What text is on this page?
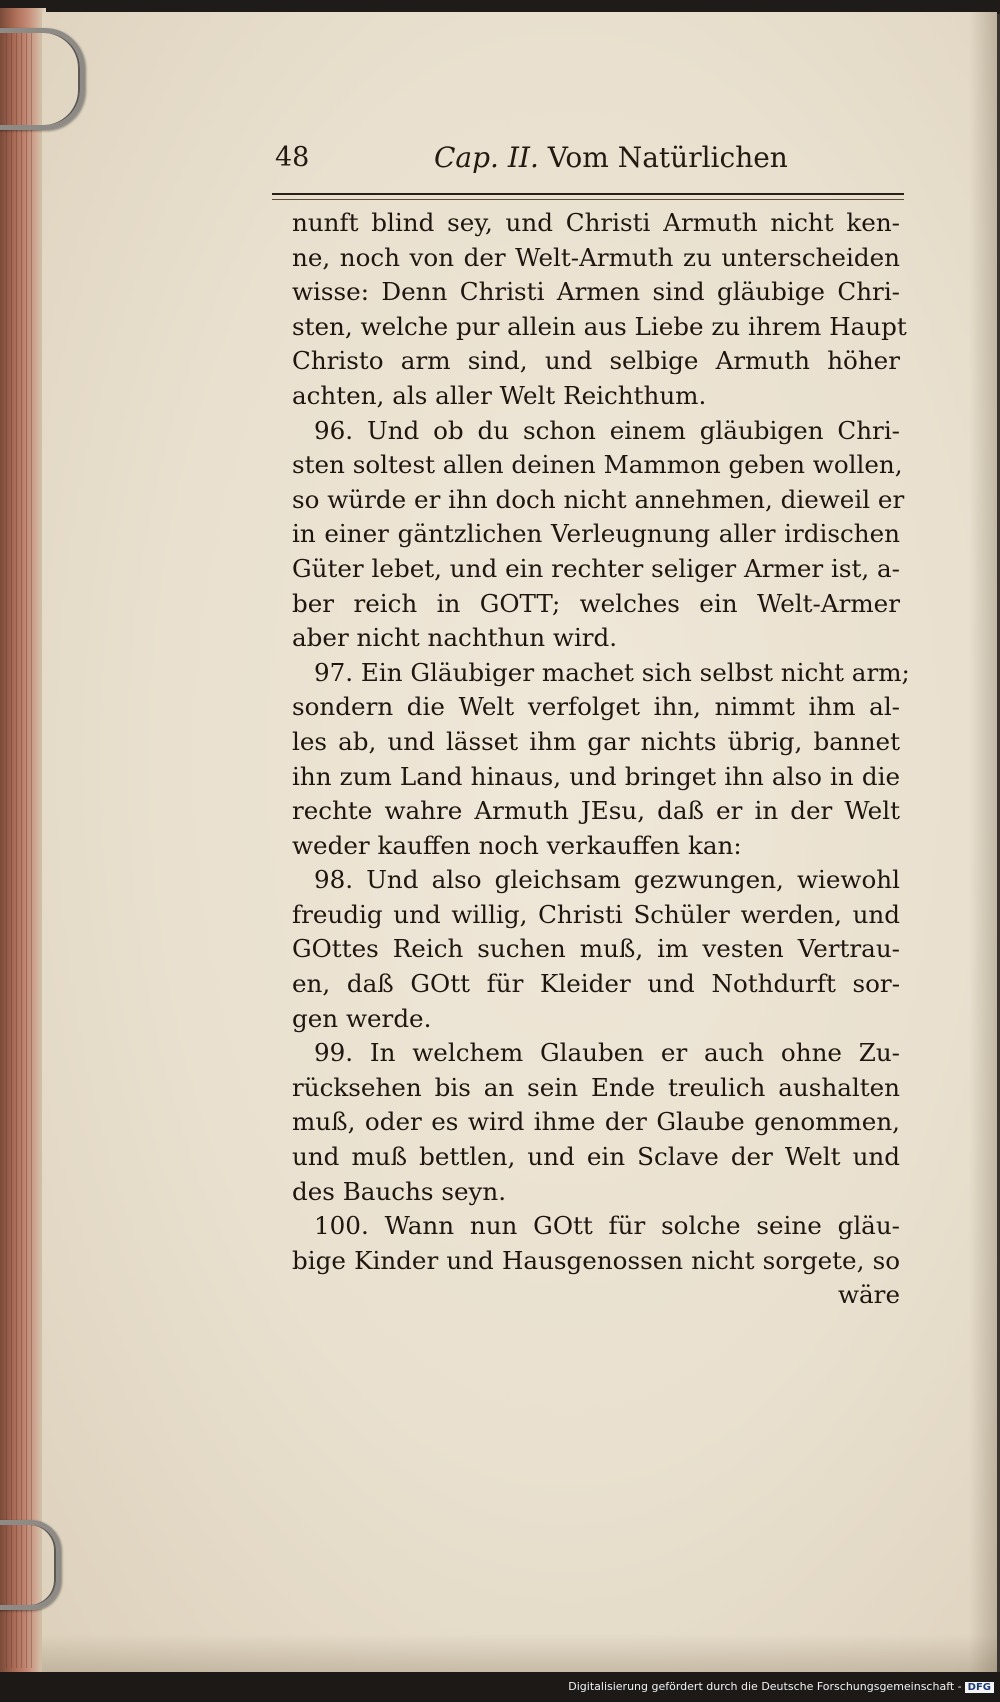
48	Cap. II. Vom Natürlichen
nunft blind sey, und Christi Armuth nicht ken-
ne, noch von der Welt-Armuth zu unterscheiden
wisse: Denn Christi Armen sind gläubige Chri-
sten, welche pur allein aus Liebe zu ihrem Haupt
Christo arm sind, und selbige Armuth höher
achten, als aller Welt Reichthum.
96. Und ob du schon einem gläubigen Chri-
sten soltest allen deinen Mammon geben wollen,
so würde er ihn doch nicht annehmen, dieweil er
in einer gäntzlichen Verleugnung aller irdischen
Güter lebet, und ein rechter seliger Armer ist, a-
ber reich in GOTT; welches ein Welt-Armer
aber nicht nachthun wird.
97. Ein Gläubiger machet sich selbst nicht arm;
sondern die Welt verfolget ihn, nimmt ihm al-
les ab, und lässet ihm gar nichts übrig, bannet
ihn zum Land hinaus, und bringet ihn also in die
rechte wahre Armuth JEsu, daß er in der Welt
weder kauffen noch verkauffen kan:
98. Und also gleichsam gezwungen, wiewohl
freudig und willig, Christi Schüler werden, und
GOttes Reich suchen muß, im vesten Vertrau-
en, daß GOtt für Kleider und Nothdurft sor-
gen werde.
99. In welchem Glauben er auch ohne Zu-
rücksehen bis an sein Ende treulich aushalten
muß, oder es wird ihme der Glaube genommen,
und muß bettlen, und ein Sclave der Welt und
des Bauchs seyn.
100. Wann nun GOtt für solche seine gläu-
bige Kinder und Hausgenossen nicht sorgete, so
wäre
Digitalisierung gefördert durch die Deutsche Forschungsgemeinschaft - DFG
